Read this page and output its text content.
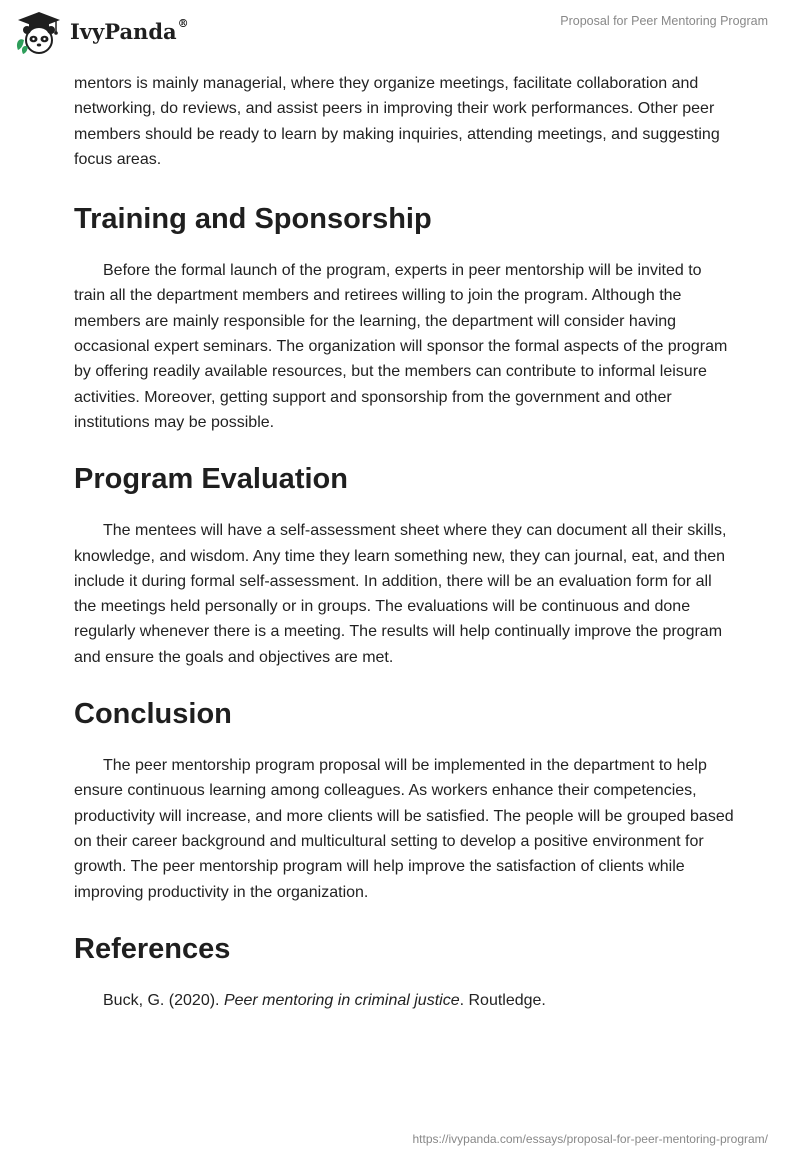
IvyPanda®	Proposal for Peer Mentoring Program

mentors is mainly managerial, where they organize meetings, facilitate collaboration and networking, do reviews, and assist peers in improving their work performances. Other peer members should be ready to learn by making inquiries, attending meetings, and suggesting focus areas.

Training and Sponsorship

Before the formal launch of the program, experts in peer mentorship will be invited to train all the department members and retirees willing to join the program. Although the members are mainly responsible for the learning, the department will consider having occasional expert seminars. The organization will sponsor the formal aspects of the program by offering readily available resources, but the members can contribute to informal leisure activities. Moreover, getting support and sponsorship from the government and other institutions may be possible.

Program Evaluation

The mentees will have a self-assessment sheet where they can document all their skills, knowledge, and wisdom. Any time they learn something new, they can journal, eat, and then include it during formal self-assessment. In addition, there will be an evaluation form for all the meetings held personally or in groups. The evaluations will be continuous and done regularly whenever there is a meeting. The results will help continually improve the program and ensure the goals and objectives are met.

Conclusion

The peer mentorship program proposal will be implemented in the department to help ensure continuous learning among colleagues. As workers enhance their competencies, productivity will increase, and more clients will be satisfied. The people will be grouped based on their career background and multicultural setting to develop a positive environment for growth. The peer mentorship program will help improve the satisfaction of clients while improving productivity in the organization.

References

Buck, G. (2020). Peer mentoring in criminal justice. Routledge.

https://ivypanda.com/essays/proposal-for-peer-mentoring-program/
